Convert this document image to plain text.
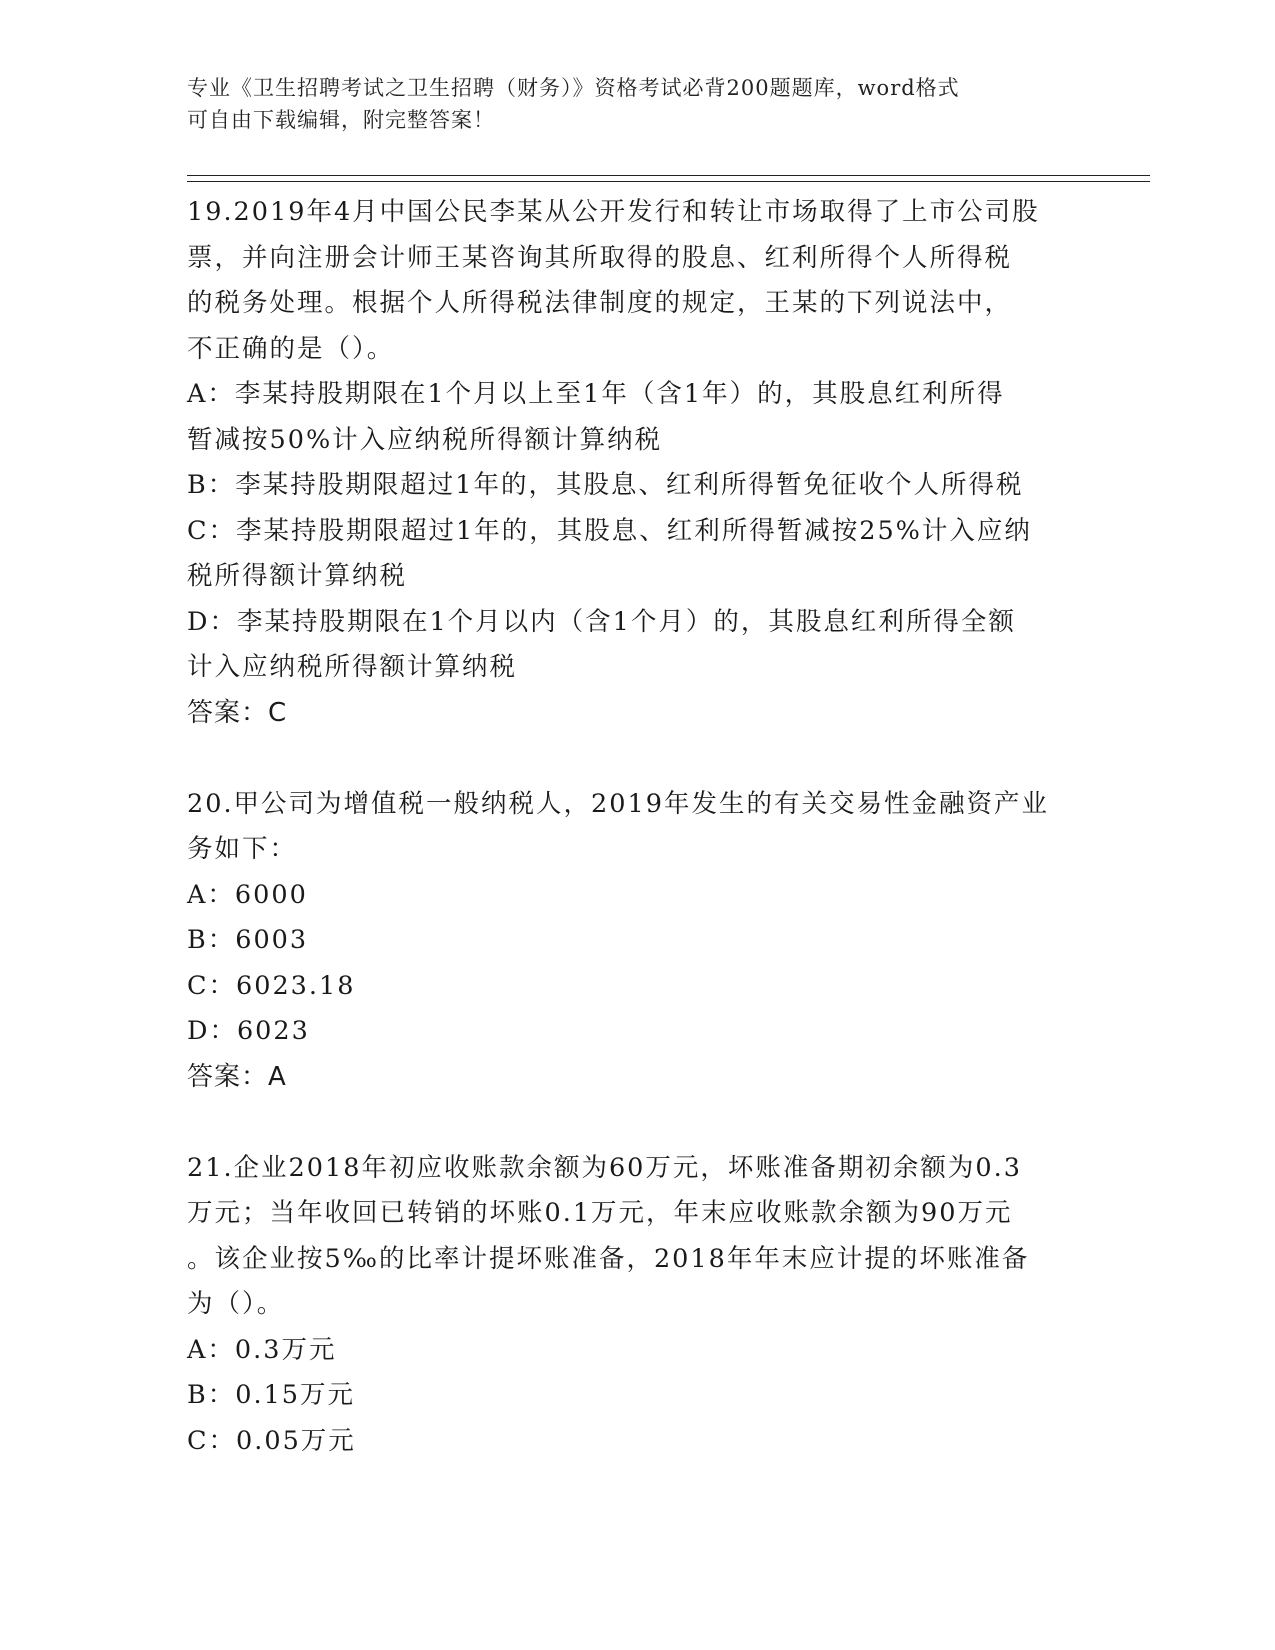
专业《卫生招聘考试之卫生招聘（财务）》资格考试必背200题题库，word格式
可自由下载编辑，附完整答案！

19.2019年4月中国公民李某从公开发行和转让市场取得了上市公司股

票，并向注册会计师王某咨询其所取得的股息、红利所得个人所得税

的税务处理。根据个人所得税法律制度的规定，王某的下列说法中，

不正确的是（）。

A：李某持股期限在1个月以上至1年（含1年）的，其股息红利所得

暂减按50%计入应纳税所得额计算纳税

B：李某持股期限超过1年的，其股息、红利所得暂免征收个人所得税

C：李某持股期限超过1年的，其股息、红利所得暂减按25%计入应纳

税所得额计算纳税

D：李某持股期限在1个月以内（含1个月）的，其股息红利所得全额

计入应纳税所得额计算纳税

答案：C

20.甲公司为增值税一般纳税人，2019年发生的有关交易性金融资产业

务如下：

A：6000

B：6003

C：6023.18

D：6023

答案：A

21.企业2018年初应收账款余额为60万元，坏账准备期初余额为0.3

万元；当年收回已转销的坏账0.1万元，年末应收账款余额为90万元

。该企业按5‰的比率计提坏账准备，2018年年末应计提的坏账准备

为（）。

A：0.3万元

B：0.15万元

C：0.05万元
